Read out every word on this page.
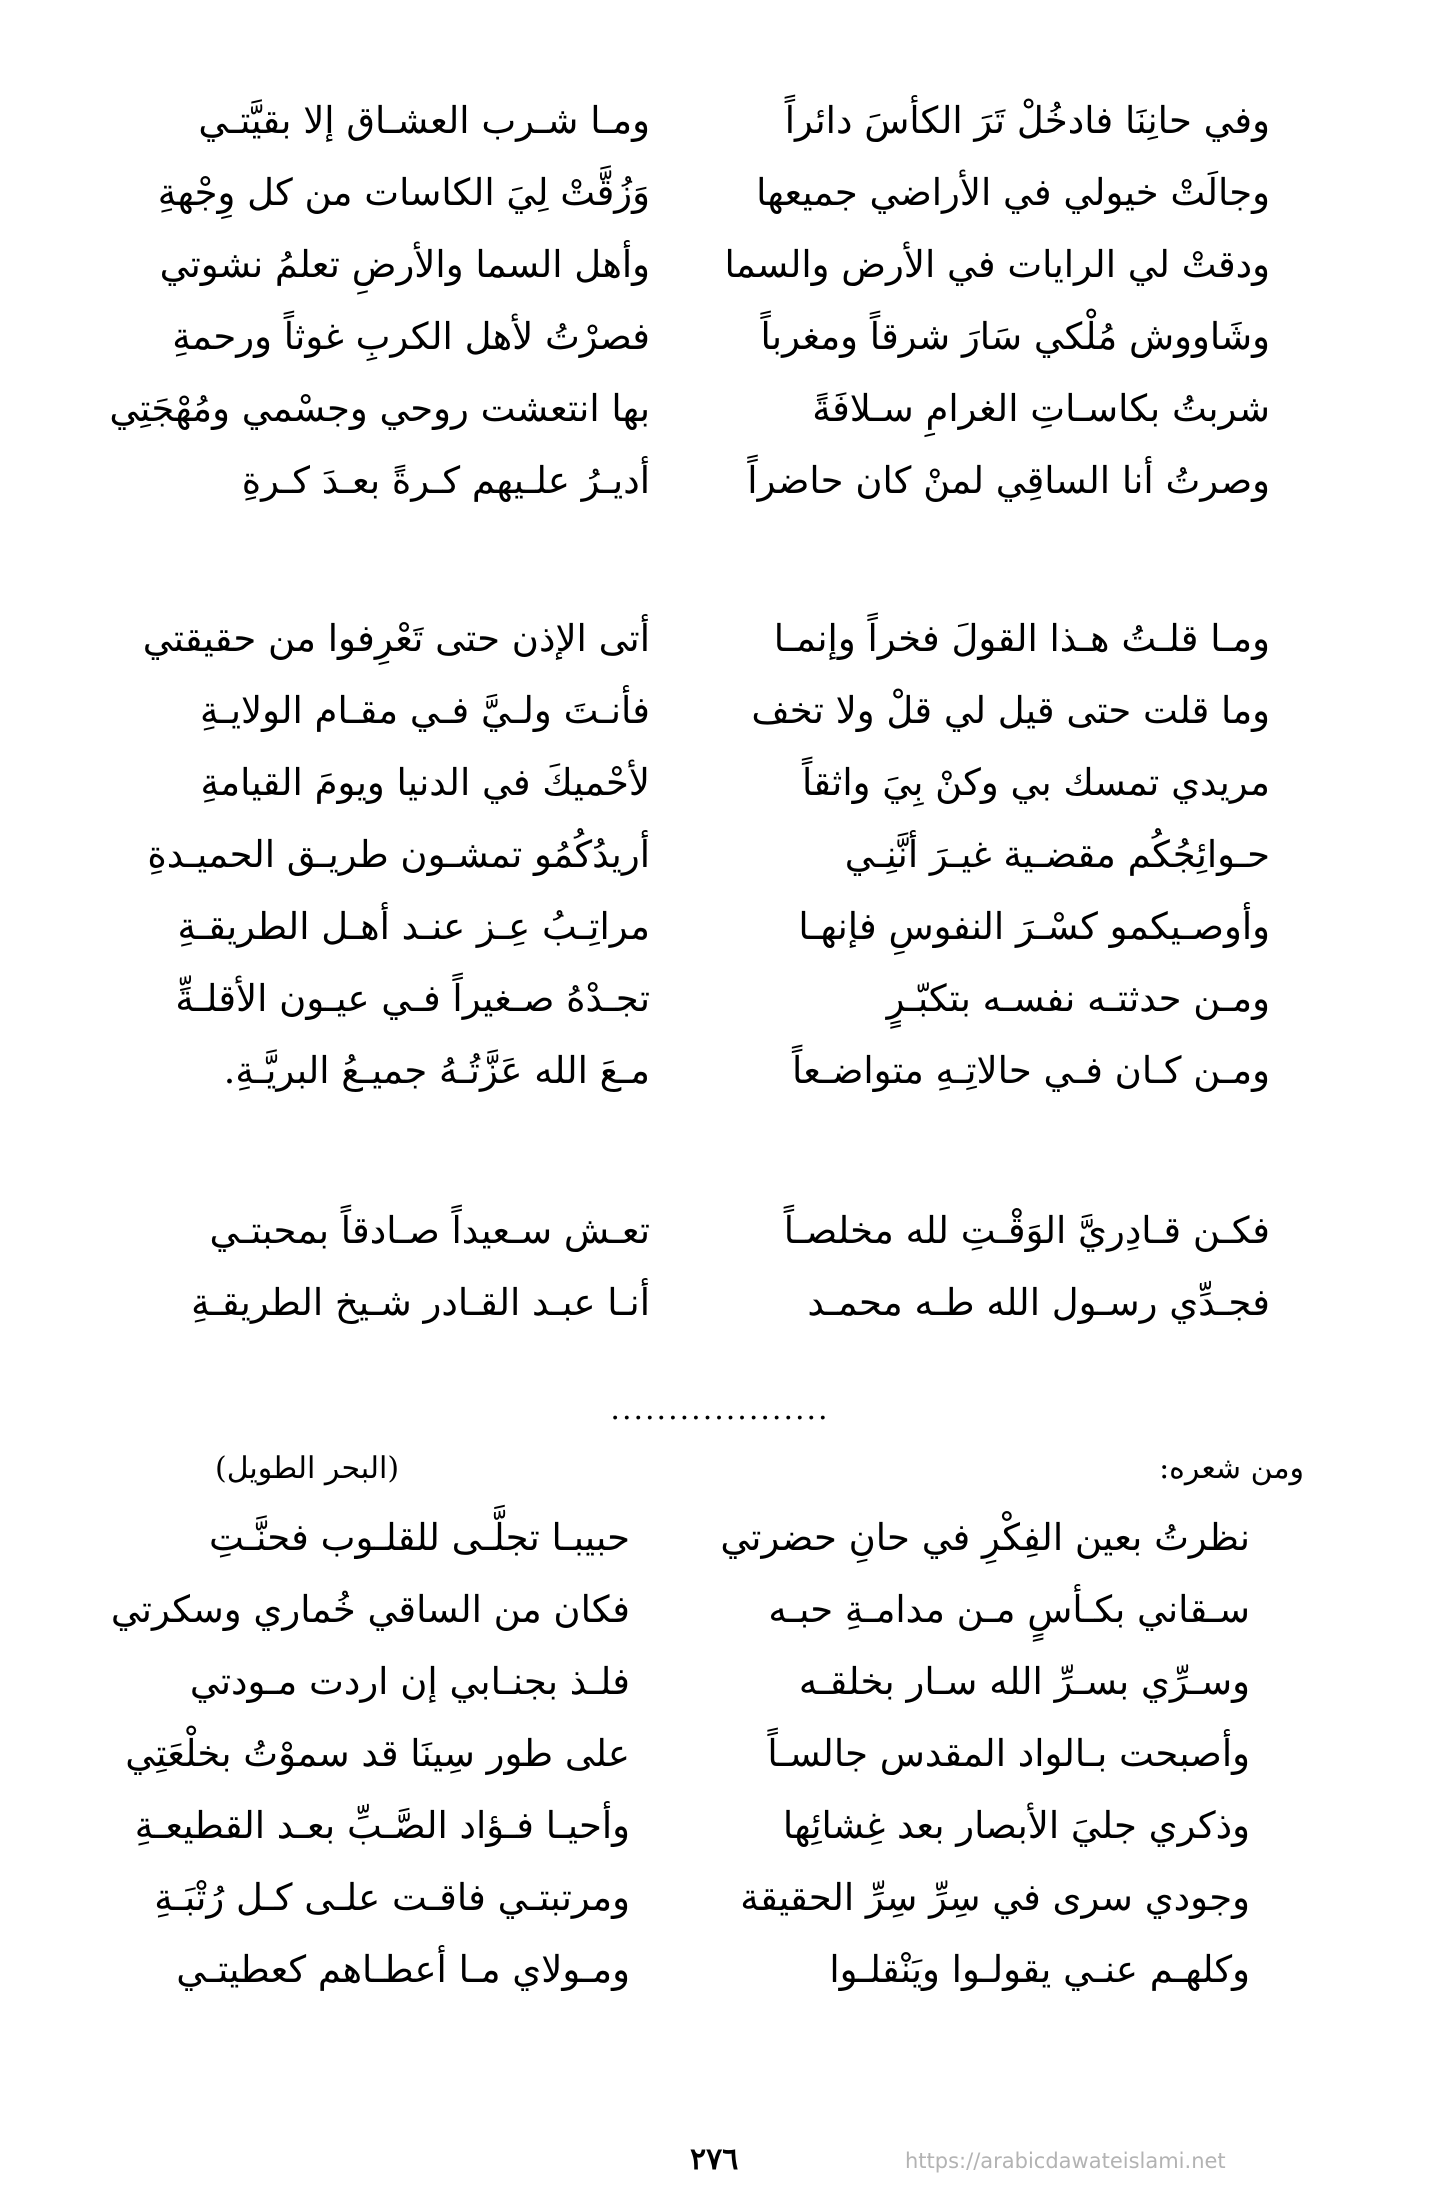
وفي حانِنَا فادخُلْ تَرَ الكأسَ دائراً
ومـا شـرب العشـاق إلا بقيَّتـي
وجالَتْ خيولي في الأراضي جميعها
وَزُقَّتْ لِيَ الكاسات من كل وِجْهةِ
ودقتْ لي الرايات في الأرض والسما
وأهل السما والأرضِ تعلمُ نشوتي
وشَاووش مُلْكي سَارَ شرقاً ومغرباً
فصرْتُ لأهل الكربِ غوثاً ورحمةِ
شربتُ بكاسـاتِ الغرامِ سـلافَةً
بها انتعشت روحي وجسْمي ومُهْجَتِي
وصرتُ أنا الساقِي لمنْ كان حاضراً
أديـرُ علـيهم كـرةً بعـدَ كـرةِ
ومـا قلـتُ هـذا القولَ فخراً وإنمـا
أتى الإذن حتى تَعْرِفوا من حقيقتي
وما قلت حتى قيل لي قلْ ولا تخف
فأنـتَ ولـيَّ فـي مقـام الولايـةِ
مريدي تمسك بي وكنْ بِيَ واثقاً
لأحْميكَ في الدنيا ويومَ القيامةِ
حـوائِجُكُم مقضـية غيـرَ أنَّنِـي
أريدُكُمُو تمشـون طريـق الحميـدةِ
وأوصـيكمو كسْـرَ النفوسِ فإنهـا
مراتِـبُ عِـز عنـد أهـل الطريقـةِ
ومـن حدثتـه نفسـه بتكبّـرٍ
تجـدْهُ صـغيراً فـي عيـون الأقلـةِّ
ومـن كـان فـي حالاتِـهِ متواضـعاً
مـعَ الله عَزَّتُـهُ جميـعُ البريَّـةِ.
فكـن قـادِريَّ الوَقْـتِ لله مخلصـاً
تعـش سـعيداً صـادقاً بمحبتـي
فجـدِّي رسـول الله طـه محمـد
أنـا عبـد القـادر شـيخ الطريقـةِ
...................
ومن شعره:
(البحر الطويل)
نظرتُ بعين الفِكْرِ في حانِ حضرتي
حبيبـا تجلَّـى للقلـوب فحنَّـتِ
سـقاني بكـأسٍ مـن مدامـةِ حبـه
فكان من الساقي خُماري وسكرتي
وسـرِّي بسـرِّ الله سـار بخلقـه
فلـذ بجنـابي إن اردت مـودتي
وأصبحت بـالواد المقدس جالسـاً
على طور سِينَا قد سموْتُ بخلْعَتِي
وذكري جليَ الأبصار بعد غِشائِها
وأحيـا فـؤاد الصَّـبِّ بعـد القطيعـةِ
وجودي سرى في سِرِّ سِرِّ الحقيقة
ومرتبتـي فاقـت علـى كـل رُتْبَـةِ
وكلهـم عنـي يقولـوا ويَنْقلـوا
ومـولاي مـا أعطـاهم كعطيتـي
٢٧٦	https://arabicdawateislami.net
